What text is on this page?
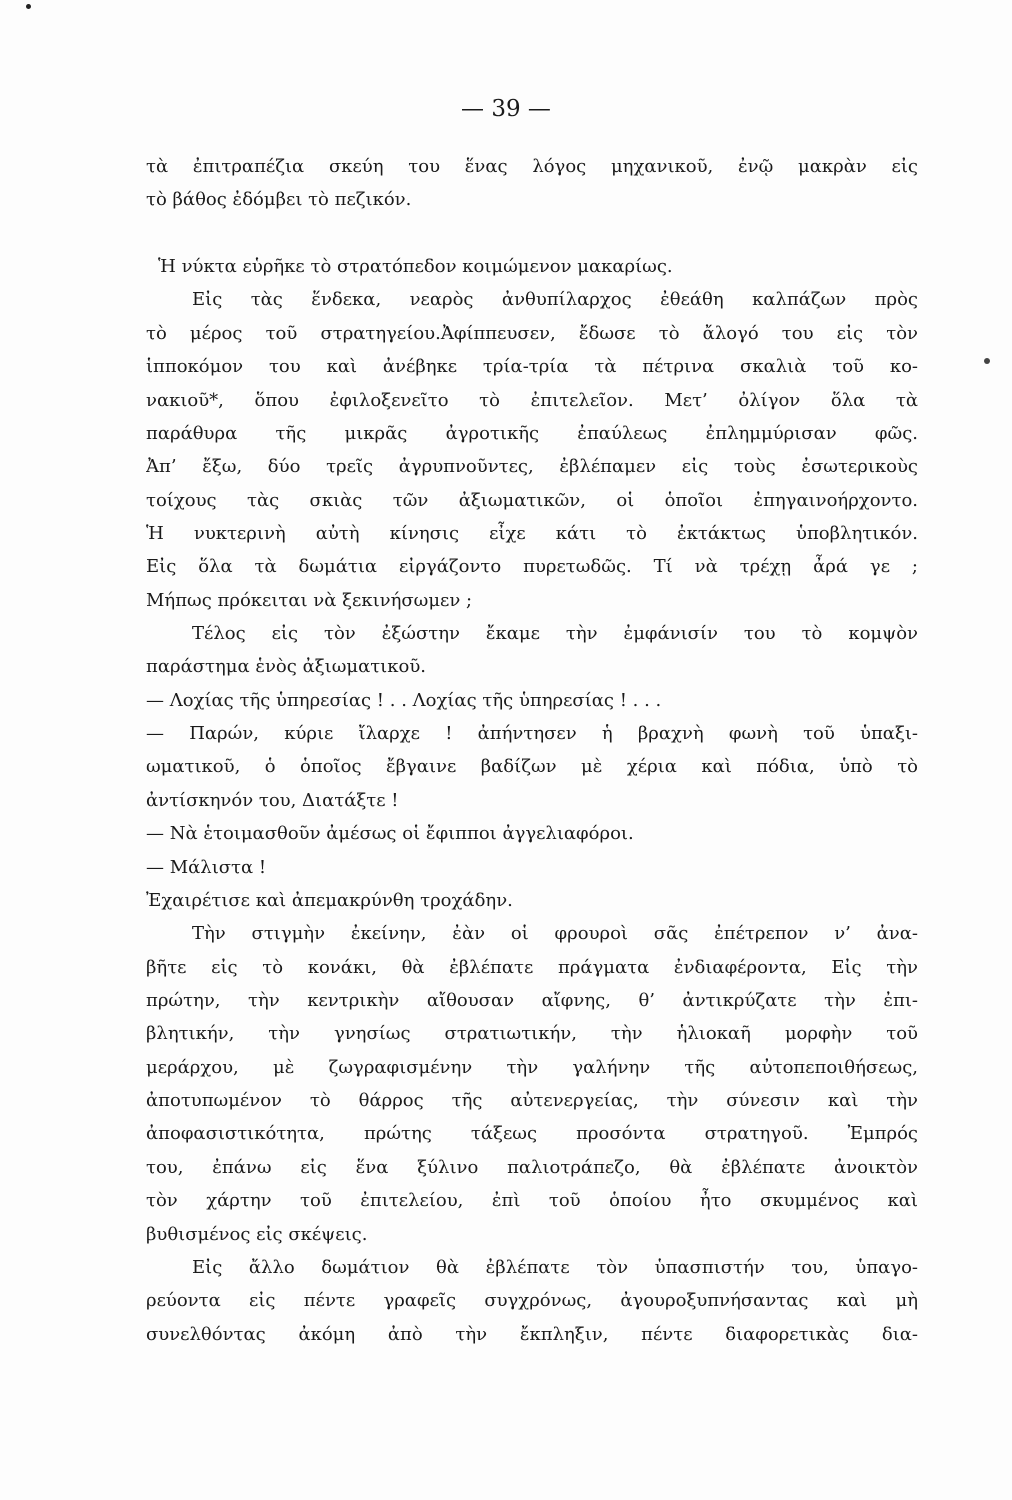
— 39 —
τὰ ἐπιτραπέζια σκεύη του ἕνας λόγος μηχανικοῦ, ἐνῷ μακρὰν εἰς
τὸ βάθος ἐδόμβει τὸ πεζικόν.
Ἡ νύκτα εὑρῆκε τὸ στρατόπεδον κοιμώμενον μακαρίως.
Εἰς τὰς ἕνδεκα, νεαρὸς ἀνθυπίλαρχος ἐθεάθη καλπάζων πρὸς
τὸ μέρος τοῦ στρατηγείου.Ἀφίππευσεν, ἔδωσε τὸ ἄλογό του εἰς τὸν
ἱπποκόμον του καὶ ἀνέβηκε τρία-τρία τὰ πέτρινα σκαλιὰ τοῦ κο-
νακιοῦ*, ὅπου ἐφιλοξενεῖτο τὸ ἐπιτελεῖον. Μετ’ ὀλίγον ὅλα τὰ
παράθυρα τῆς μικρᾶς ἀγροτικῆς ἐπαύλεως ἐπλημμύρισαν φῶς.
Ἀπ’ ἔξω, δύο τρεῖς ἀγρυπνοῦντες, ἐβλέπαμεν εἰς τοὺς ἐσωτερικοὺς
τοίχους τὰς σκιὰς τῶν ἀξιωματικῶν, οἱ ὁποῖοι ἐπηγαινοήρχοντο.
Ἡ νυκτερινὴ αὐτὴ κίνησις εἶχε κάτι τὸ ἐκτάκτως ὑποβλητικόν.
Εἰς ὅλα τὰ δωμάτια εἰργάζοντο πυρετωδῶς. Τί νὰ τρέχῃ ἆρά γε ;
Μήπως πρόκειται νὰ ξεκινήσωμεν ;
Τέλος εἰς τὸν ἐξώστην ἔκαμε τὴν ἐμφάνισίν του τὸ κομψὸν
παράστημα ἑνὸς ἀξιωματικοῦ.
— Λοχίας τῆς ὑπηρεσίας ! . . Λοχίας τῆς ὑπηρεσίας ! . . .
— Παρών, κύριε ἴλαρχε ! ἀπήντησεν ἡ βραχνὴ φωνὴ τοῦ ὑπαξι-
ωματικοῦ, ὁ ὁποῖος ἔβγαινε βαδίζων μὲ χέρια καὶ πόδια, ὑπὸ τὸ
ἀντίσκηνόν του, Διατάξτε !
— Νὰ ἑτοιμασθοῦν ἀμέσως οἱ ἔφιπποι ἀγγελιαφόροι.
— Μάλιστα !
Ἐχαιρέτισε καὶ ἀπεμακρύνθη τροχάδην.
Τὴν στιγμὴν ἐκείνην, ἐὰν οἱ φρουροὶ σᾶς ἐπέτρεπον ν’ ἀνα-
βῆτε εἰς τὸ κονάκι, θὰ ἐβλέπατε πράγματα ἐνδιαφέροντα, Εἰς τὴν
πρώτην, τὴν κεντρικὴν αἴθουσαν αἴφνης, θ’ ἀντικρύζατε τὴν ἐπι-
βλητικήν, τὴν γνησίως στρατιωτικήν, τὴν ἡλιοκαῆ μορφὴν τοῦ
μεράρχου, μὲ ζωγραφισμένην τὴν γαλήνην τῆς αὐτοπεποιθήσεως,
ἀποτυπωμένον τὸ θάρρος τῆς αὐτενεργείας, τὴν σύνεσιν καὶ τὴν
ἀποφασιστικότητα, πρώτης τάξεως προσόντα στρατηγοῦ. Ἐμπρός
του, ἐπάνω εἰς ἕνα ξύλινο παλιοτράπεζο, θὰ ἐβλέπατε ἀνοικτὸν
τὸν χάρτην τοῦ ἐπιτελείου, ἐπὶ τοῦ ὁποίου ἦτο σκυμμένος καὶ
βυθισμένος εἰς σκέψεις.
Εἰς ἄλλο δωμάτιον θὰ ἐβλέπατε τὸν ὑπασπιστήν του, ὑπαγο-
ρεύοντα εἰς πέντε γραφεῖς συγχρόνως, ἀγουροξυπνήσαντας καὶ μὴ
συνελθόντας ἀκόμη ἀπὸ τὴν ἔκπληξιν, πέντε διαφορετικὰς δια-
